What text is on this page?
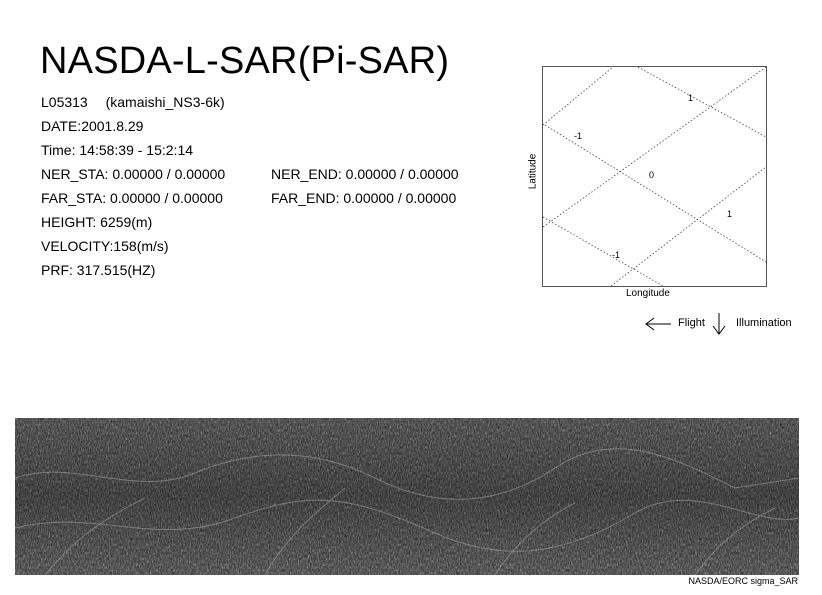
NASDA-L-SAR(Pi-SAR)
L05313 (kamaishi_NS3-6k)
DATE:2001.8.29
Time: 14:58:39 - 15:2:14
NER_STA: 0.00000 / 0.00000	NER_END: 0.00000 / 0.00000
FAR_STA: 0.00000 / 0.00000	FAR_END: 0.00000 / 0.00000
HEIGHT: 6259(m)
VELOCITY:158(m/s)
PRF: 317.515(HZ)
-1
0
1
-1
1
Latitude
Longitude
Flight	Illumination
NASDA/EORC sigma_SAR
